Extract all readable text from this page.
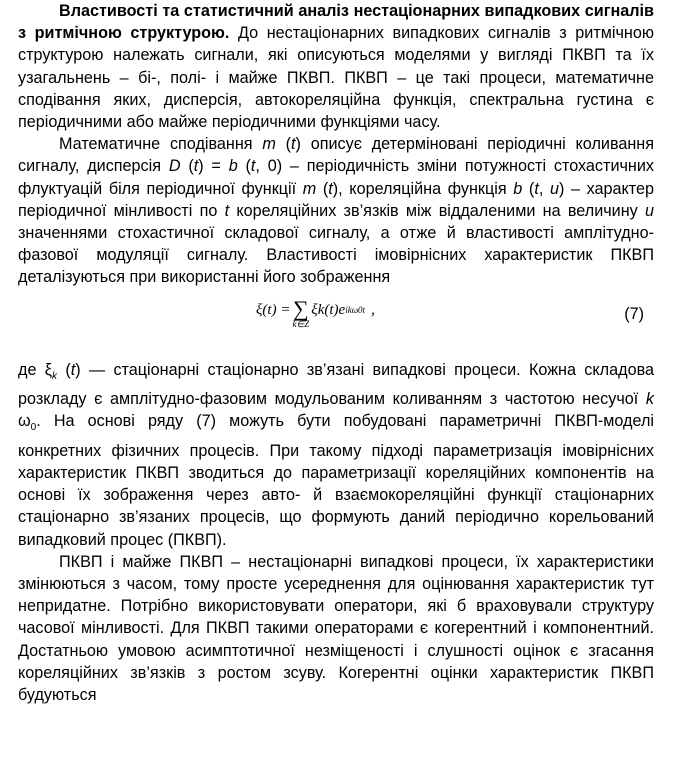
Властивості та статистичний аналіз нестаціонарних випадкових сигналів з ритмічною структурою. До нестаціонарних випадкових сигналів з ритмічною структурою належать сигнали, які описуються моделями у вигляді ПКВП та їх узагальнень – бі-, полі- і майже ПКВП. ПКВП – це такі процеси, математичне сподівання яких, дисперсія, автокореляційна функція, спектральна густина є періодичними або майже періодичними функціями часу.

Математичне сподівання m (t) описує детерміновані періодичні коливання сигналу, дисперсія D (t) = b (t, 0) – періодичність зміни потужності стохастичних флуктуацій біля періодичної функції m (t), кореляційна функція b (t, u) – характер періодичної мінливості по t кореляційних зв’язків між віддаленими на величину u значеннями стохастичної складової сигналу, а отже й властивості амплітудно-фазової модуляції сигналу. Властивості імовірнісних характеристик ПКВП деталізуються при використанні його зображення

ξ(t) = ∑
k∈Z
ξk(t)e ikω0t ,	(7)

де $\xi_k$ (t) — стаціонарні стаціонарно зв’язані випадкові процеси. Кожна складова розкладу є амплітудно-фазовим модульованим коливанням з частотою несучої k $\omega_0$. На основі ряду (7) можуть бути побудовані параметричні ПКВП-моделі конкретних фізичних процесів. При такому підході параметризація імовірнісних характеристик ПКВП зводиться до параметризації кореляційних компонентів на основі їх зображення через авто- й взаємокореляційні функції стаціонарних стаціонарно зв’язаних процесів, що формують даний періодично корельований випадковий процес (ПКВП).

ПКВП і майже ПКВП – нестаціонарні випадкові процеси, їх характеристики змінюються з часом, тому просте усереднення для оцінювання характеристик тут непридатне. Потрібно використовувати оператори, які б враховували структуру часової мінливості. Для ПКВП такими операторами є когерентний і компонентний. Достатньою умовою асимптотичної незміщеності і слушності оцінок є згасання кореляційних зв’язків з ростом зсуву. Когерентні оцінки характеристик ПКВП будуються
